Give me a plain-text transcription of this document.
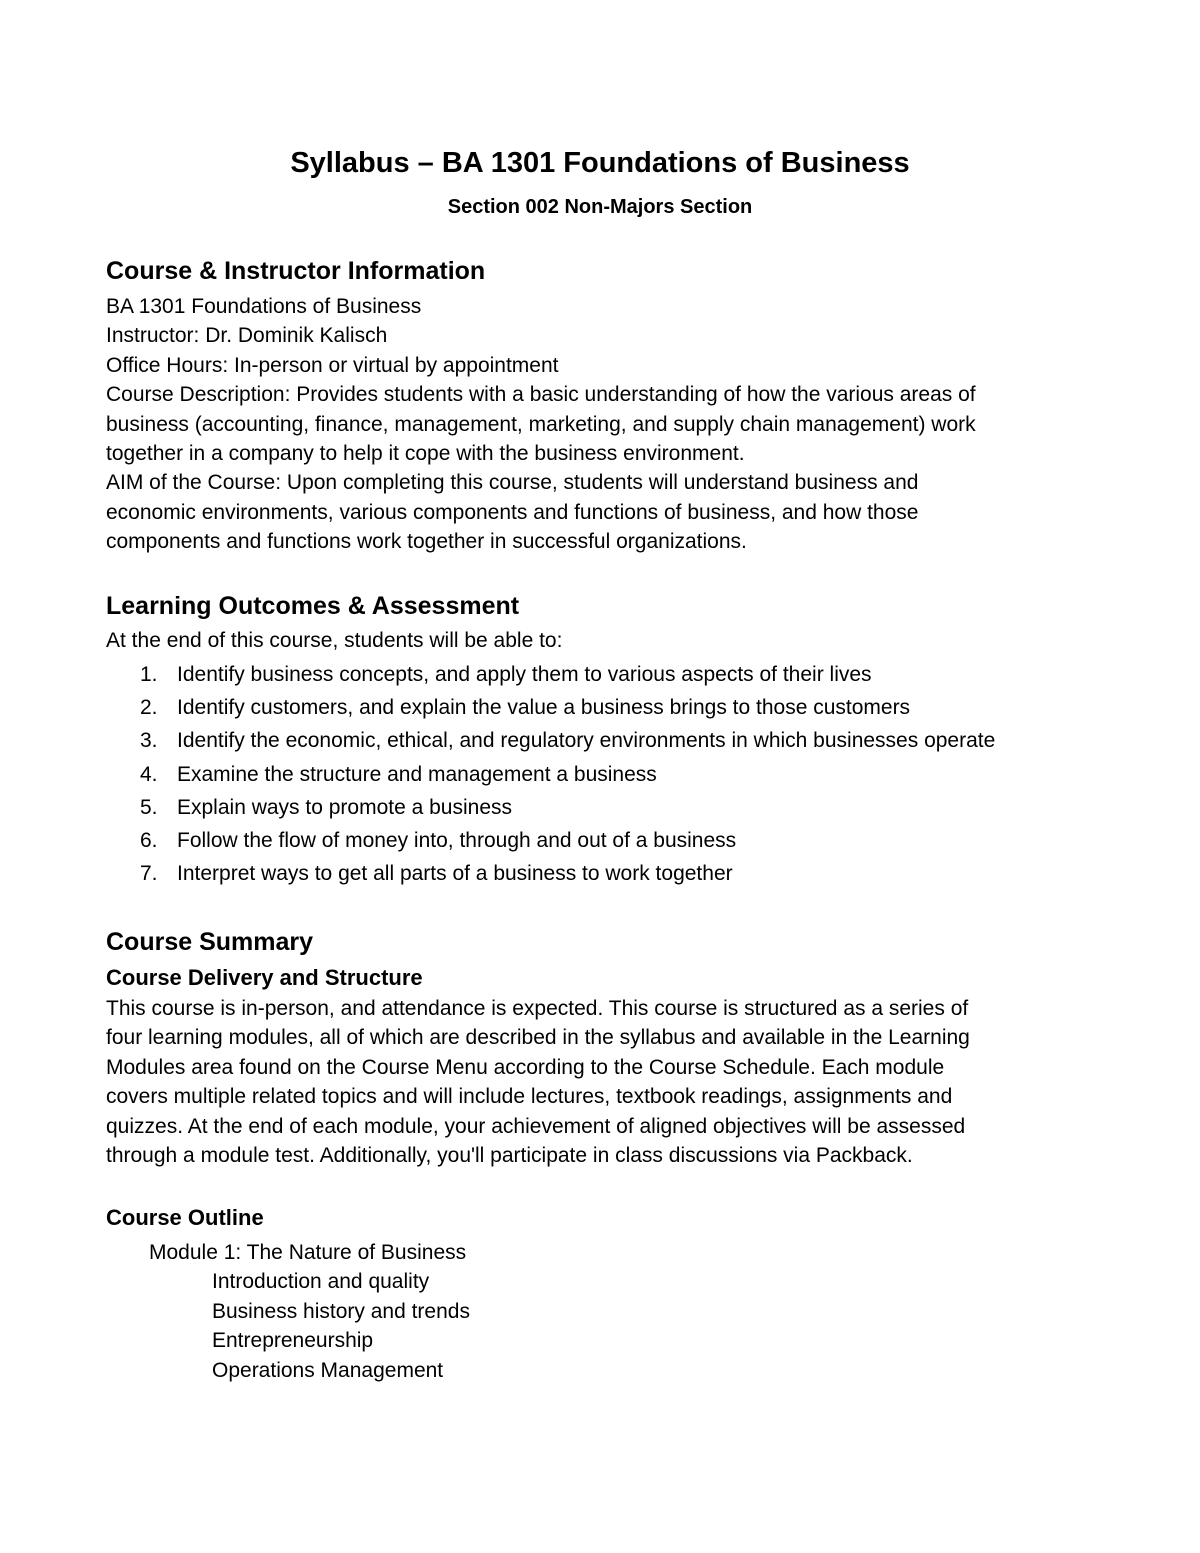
Syllabus – BA 1301 Foundations of Business
Section 002 Non-Majors Section
Course & Instructor Information
BA 1301 Foundations of Business
Instructor: Dr. Dominik Kalisch
Office Hours: In-person or virtual by appointment
Course Description: Provides students with a basic understanding of how the various areas of
business (accounting, finance, management, marketing, and supply chain management) work
together in a company to help it cope with the business environment.
AIM of the Course: Upon completing this course, students will understand business and
economic environments, various components and functions of business, and how those
components and functions work together in successful organizations.
Learning Outcomes & Assessment
At the end of this course, students will be able to:
1. Identify business concepts, and apply them to various aspects of their lives
2. Identify customers, and explain the value a business brings to those customers
3. Identify the economic, ethical, and regulatory environments in which businesses operate
4. Examine the structure and management a business
5. Explain ways to promote a business
6. Follow the flow of money into, through and out of a business
7. Interpret ways to get all parts of a business to work together
Course Summary
Course Delivery and Structure
This course is in-person, and attendance is expected. This course is structured as a series of
four learning modules, all of which are described in the syllabus and available in the Learning
Modules area found on the Course Menu according to the Course Schedule. Each module
covers multiple related topics and will include lectures, textbook readings, assignments and
quizzes. At the end of each module, your achievement of aligned objectives will be assessed
through a module test. Additionally, you'll participate in class discussions via Packback.
Course Outline
Module 1: The Nature of Business
Introduction and quality
Business history and trends
Entrepreneurship
Operations Management
